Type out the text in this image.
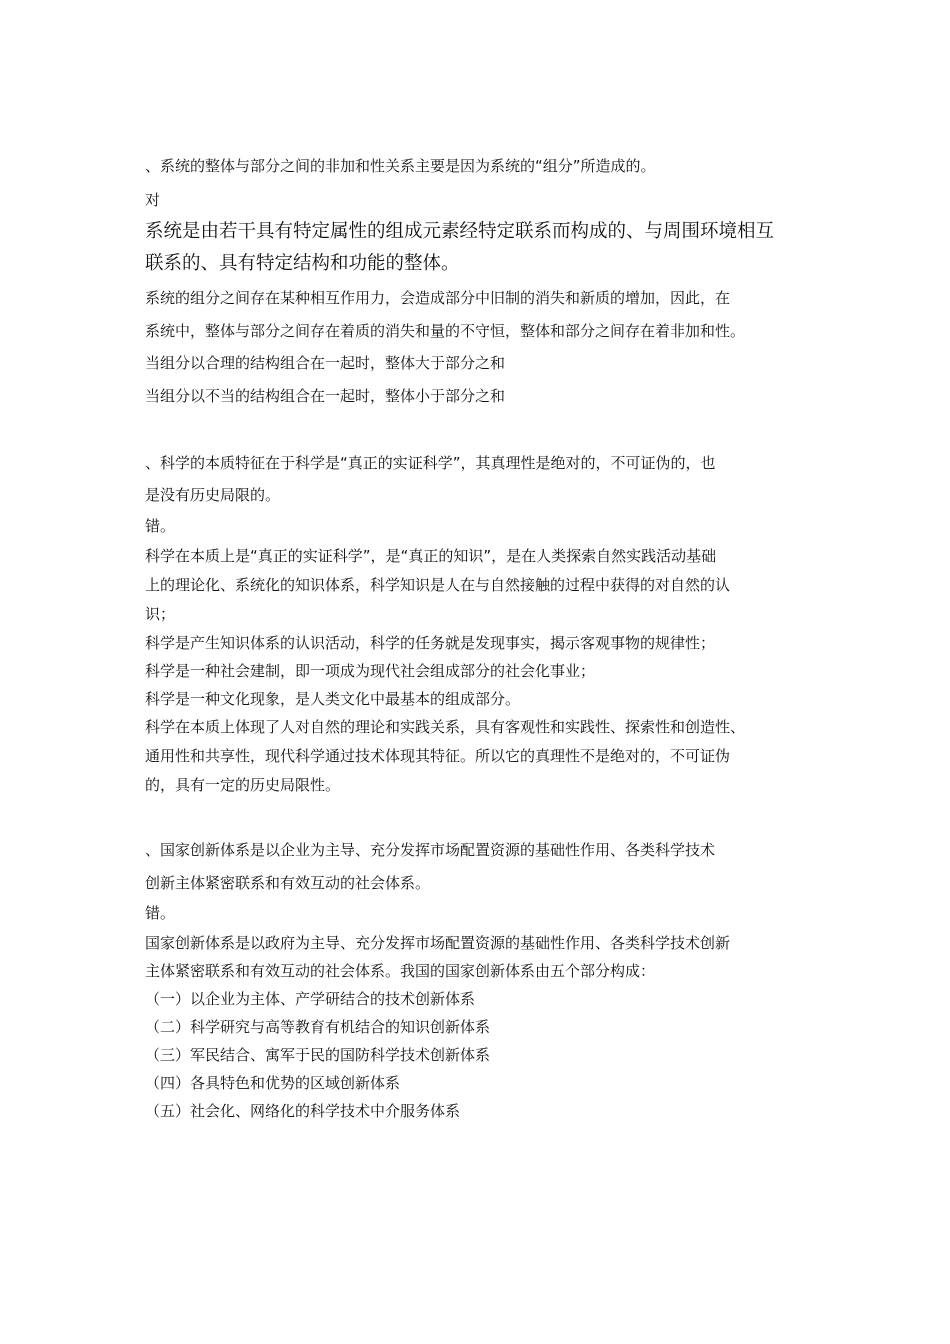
、系统的整体与部分之间的非加和性关系主要是因为系统的“组分”所造成的。
对
系统是由若干具有特定属性的组成元素经特定联系而构成的、与周围环境相互
联系的、具有特定结构和功能的整体。
系统的组分之间存在某种相互作用力，会造成部分中旧制的消失和新质的增加，因此，在
系统中，整体与部分之间存在着质的消失和量的不守恒，整体和部分之间存在着非加和性。
当组分以合理的结构组合在一起时，整体大于部分之和
当组分以不当的结构组合在一起时，整体小于部分之和
、科学的本质特征在于科学是“真正的实证科学”，其真理性是绝对的，不可证伪的，也
是没有历史局限的。
错。
科学在本质上是“真正的实证科学”，是“真正的知识”，是在人类探索自然实践活动基础
上的理论化、系统化的知识体系，科学知识是人在与自然接触的过程中获得的对自然的认
识；
科学是产生知识体系的认识活动，科学的任务就是发现事实，揭示客观事物的规律性；
科学是一种社会建制，即一项成为现代社会组成部分的社会化事业；
科学是一种文化现象，是人类文化中最基本的组成部分。
科学在本质上体现了人对自然的理论和实践关系，具有客观性和实践性、探索性和创造性、
通用性和共享性，现代科学通过技术体现其特征。所以它的真理性不是绝对的，不可证伪
的，具有一定的历史局限性。
、国家创新体系是以企业为主导、充分发挥市场配置资源的基础性作用、各类科学技术
创新主体紧密联系和有效互动的社会体系。
错。
国家创新体系是以政府为主导、充分发挥市场配置资源的基础性作用、各类科学技术创新
主体紧密联系和有效互动的社会体系。我国的国家创新体系由五个部分构成：
（一）以企业为主体、产学研结合的技术创新体系
（二）科学研究与高等教育有机结合的知识创新体系
（三）军民结合、寓军于民的国防科学技术创新体系
（四）各具特色和优势的区域创新体系
（五）社会化、网络化的科学技术中介服务体系
